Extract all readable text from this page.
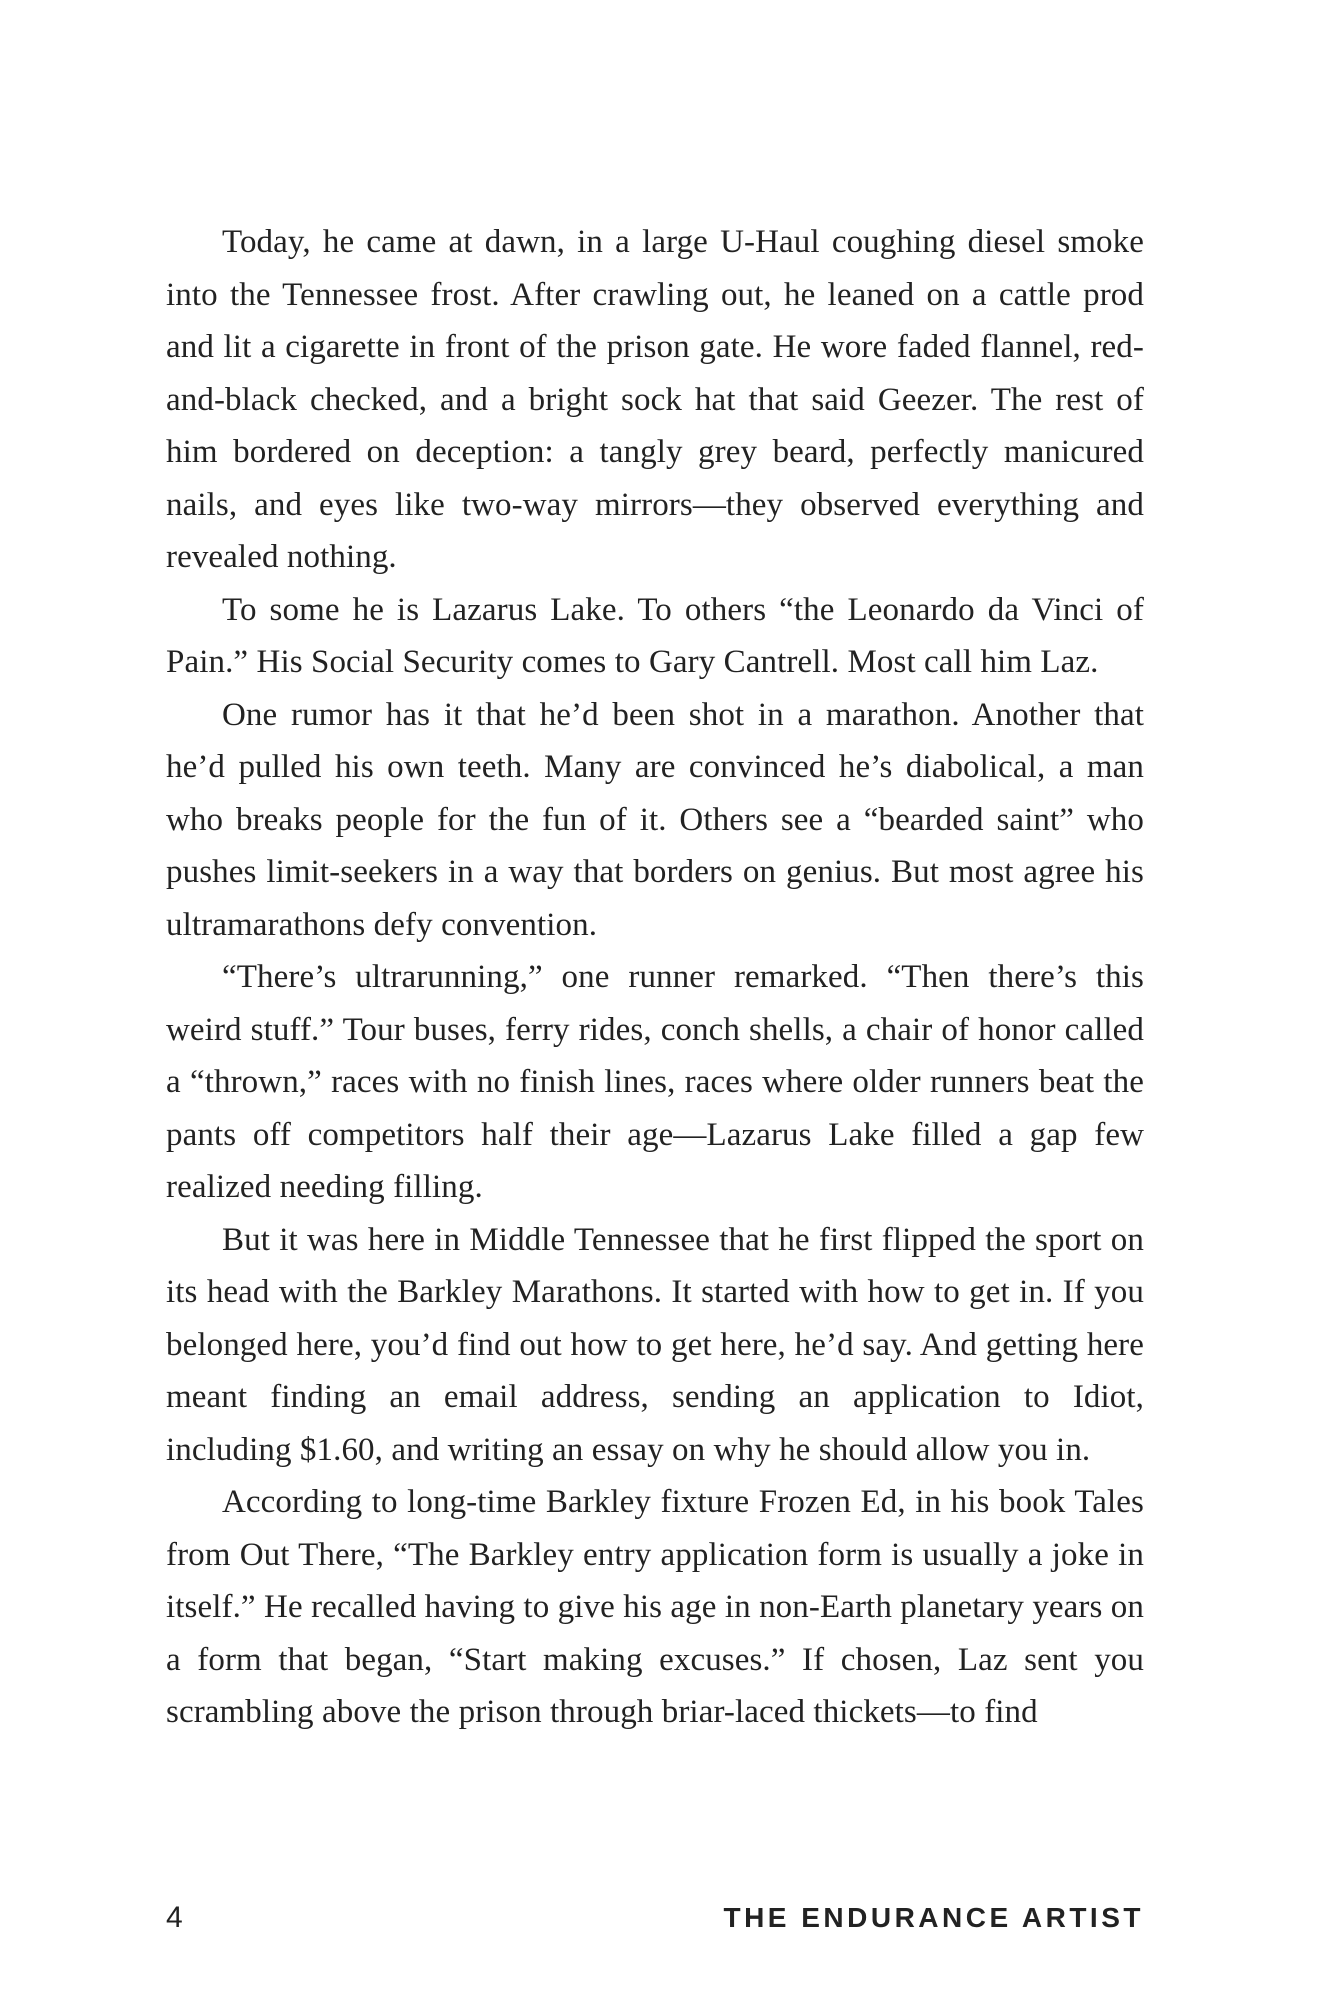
Today, he came at dawn, in a large U-Haul coughing diesel smoke into the Tennessee frost. After crawling out, he leaned on a cattle prod and lit a cigarette in front of the prison gate. He wore faded flannel, red-and-black checked, and a bright sock hat that said Geezer. The rest of him bordered on deception: a tangly grey beard, perfectly manicured nails, and eyes like two-way mirrors—they observed everything and revealed nothing.

To some he is Lazarus Lake. To others “the Leonardo da Vinci of Pain.” His Social Security comes to Gary Cantrell. Most call him Laz.

One rumor has it that he’d been shot in a marathon. Another that he’d pulled his own teeth. Many are convinced he’s diabolical, a man who breaks people for the fun of it. Others see a “bearded saint” who pushes limit-seekers in a way that borders on genius. But most agree his ultramarathons defy convention.

“There’s ultrarunning,” one runner remarked. “Then there’s this weird stuff.” Tour buses, ferry rides, conch shells, a chair of honor called a “thrown,” races with no finish lines, races where older runners beat the pants off competitors half their age—Lazarus Lake filled a gap few realized needing filling.

But it was here in Middle Tennessee that he first flipped the sport on its head with the Barkley Marathons. It started with how to get in. If you belonged here, you’d find out how to get here, he’d say. And getting here meant finding an email address, sending an application to Idiot, including $1.60, and writing an essay on why he should allow you in.

According to long-time Barkley fixture Frozen Ed, in his book Tales from Out There, “The Barkley entry application form is usually a joke in itself.” He recalled having to give his age in non-Earth planetary years on a form that began, “Start making excuses.” If chosen, Laz sent you scrambling above the prison through briar-laced thickets—to find

4	THE ENDURANCE ARTIST
